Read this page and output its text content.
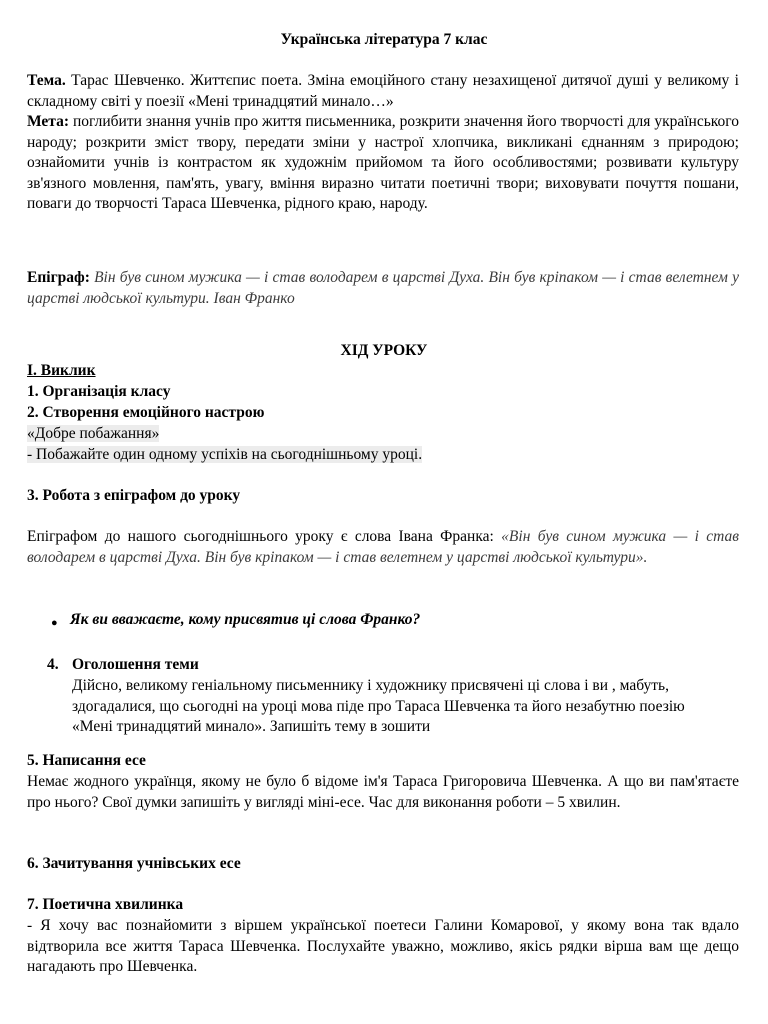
Українська література 7 клас

Тема. Тарас Шевченко. Життєпис поета. Зміна емоційного стану незахищеної дитячої душі у великому і складному світі у поезії «Мені тринадцятий минало…»

Мета: поглибити знання учнів про життя письменника, розкрити значення його творчості для українського народу; розкрити зміст твору, передати зміни у настрої хлопчика, викликані єднанням з природою; ознайомити учнів із контрастом як художнім прийомом та його особливостями; розвивати культуру зв'язного мовлення, пам'ять, увагу, вміння виразно читати поетичні твори; виховувати почуття пошани, поваги до творчості Тараса Шевченка, рідного краю, народу.

Епіграф: Він був сином мужика — і став володарем в царстві Духа. Він був кріпаком — і став велетнем у царстві людської культури. Іван Франко

ХІД УРОКУ

І. Виклик

1. Організація класу

2. Створення емоційного настрою

«Добре побажання»

- Побажайте один одному успіхів на сьогоднішньому уроці.

3. Робота з епіграфом до уроку

Епіграфом до нашого сьогоднішнього уроку є слова Івана Франка: «Він був сином мужика — і став володарем в царстві Духа. Він був кріпаком — і став велетнем у царстві людської культури».

● Як ви вважаєте, кому присвятив ці слова Франко?

4. Оголошення теми

Дійсно, великому геніальному письменнику і художнику присвячені ці слова і ви , мабуть, здогадалися, що сьогодні на уроці мова піде про Тараса Шевченка та його незабутню поезію «Мені тринадцятий минало». Запишіть тему в зошити

5. Написання есе

Немає жодного українця, якому не було б відоме ім'я Тараса Григоровича Шевченка. А що ви пам'ятаєте про нього? Свої думки запишіть у вигляді міні-есе. Час для виконання роботи – 5 хвилин.

6. Зачитування учнівських есе

7. Поетична хвилинка

- Я хочу вас познайомити з віршем української поетеси Галини Комарової, у якому вона так вдало відтворила все життя Тараса Шевченка. Послухайте уважно, можливо, якісь рядки вірша вам ще дещо нагадають про Шевченка.
